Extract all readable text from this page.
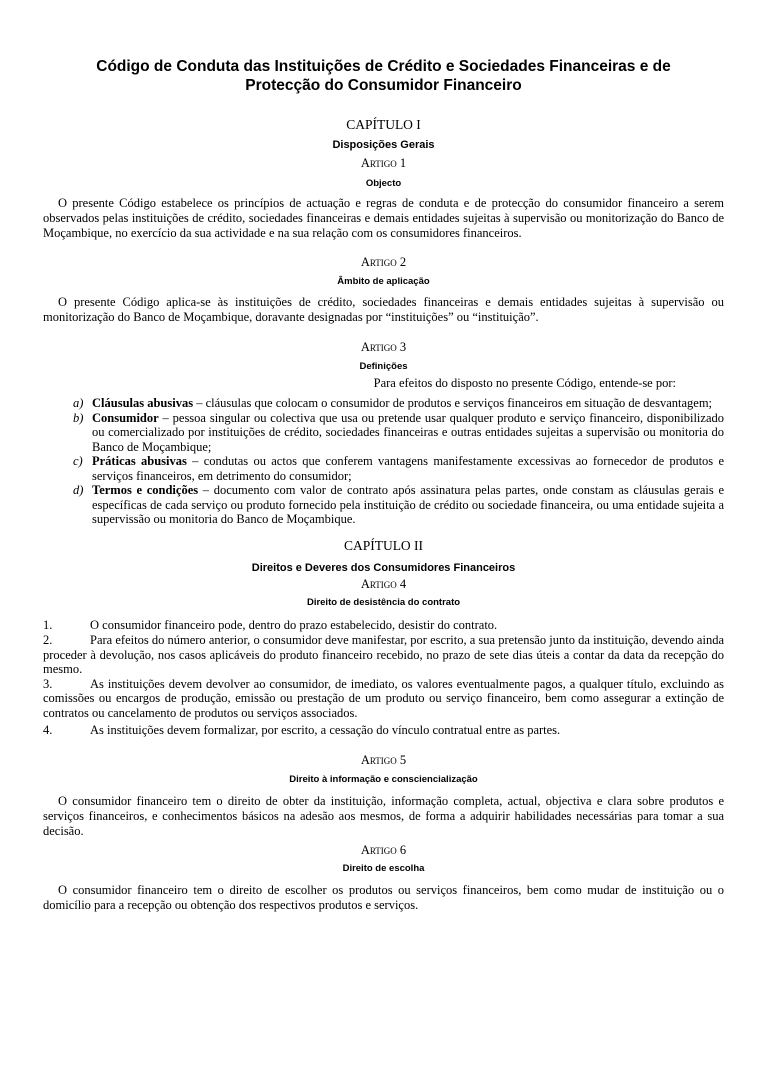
Código de Conduta das Instituições de Crédito e Sociedades Financeiras e de Protecção do Consumidor Financeiro
CAPÍTULO I
Disposições Gerais
Artigo 1
Objecto

O presente Código estabelece os princípios de actuação e regras de conduta e de protecção do consumidor financeiro a serem observados pelas instituições de crédito, sociedades financeiras e demais entidades sujeitas à supervisão ou monitorização do Banco de Moçambique, no exercício da sua actividade e na sua relação com os consumidores financeiros.

Artigo 2
Âmbito de aplicação

O presente Código aplica-se às instituições de crédito, sociedades financeiras e demais entidades sujeitas à supervisão ou monitorização do Banco de Moçambique, doravante designadas por “instituições” ou “instituição”.

Artigo 3
Definições
Para efeitos do disposto no presente Código, entende-se por:
a) Cláusulas abusivas – cláusulas que colocam o consumidor de produtos e serviços financeiros em situação de desvantagem;
b) Consumidor – pessoa singular ou colectiva que usa ou pretende usar qualquer produto e serviço financeiro, disponibilizado ou comercializado por instituições de crédito, sociedades financeiras e outras entidades sujeitas a supervisão ou monitoria do Banco de Moçambique;
c) Práticas abusivas – condutas ou actos que conferem vantagens manifestamente excessivas ao fornecedor de produtos e serviços financeiros, em detrimento do consumidor;
d) Termos e condições – documento com valor de contrato após assinatura pelas partes, onde constam as cláusulas gerais e específicas de cada serviço ou produto fornecido pela instituição de crédito ou sociedade financeira, ou uma entidade sujeita a supervissão ou monitoria do Banco de Moçambique.
CAPÍTULO II
Direitos e Deveres dos Consumidores Financeiros
Artigo 4
Direito de desistência do contrato

1.	O consumidor financeiro pode, dentro do prazo estabelecido, desistir do contrato.

2.	Para efeitos do número anterior, o consumidor deve manifestar, por escrito, a sua pretensão junto da instituição, devendo ainda proceder à devolução, nos casos aplicáveis do produto financeiro recebido, no prazo de sete dias úteis a contar da data da recepção do mesmo.

3.	As instituições devem devolver ao consumidor, de imediato, os valores eventualmente pagos, a qualquer título, excluindo as comissões ou encargos de produção, emissão ou prestação de um produto ou serviço financeiro, bem como assegurar a extinção de contratos ou cancelamento de produtos ou serviços associados.

4.	As instituições devem formalizar, por escrito, a cessação do vínculo contratual entre as partes.

Artigo 5
Direito à informação e consciencialização

O consumidor financeiro tem o direito de obter da instituição, informação completa, actual, objectiva e clara sobre produtos e serviços financeiros, e conhecimentos básicos na adesão aos mesmos, de forma a adquirir habilidades necessárias para tomar a sua decisão.

Artigo 6
Direito de escolha

O consumidor financeiro tem o direito de escolher os produtos ou serviços financeiros, bem como mudar de instituição ou o domicílio para a recepção ou obtenção dos respectivos produtos e serviços.
